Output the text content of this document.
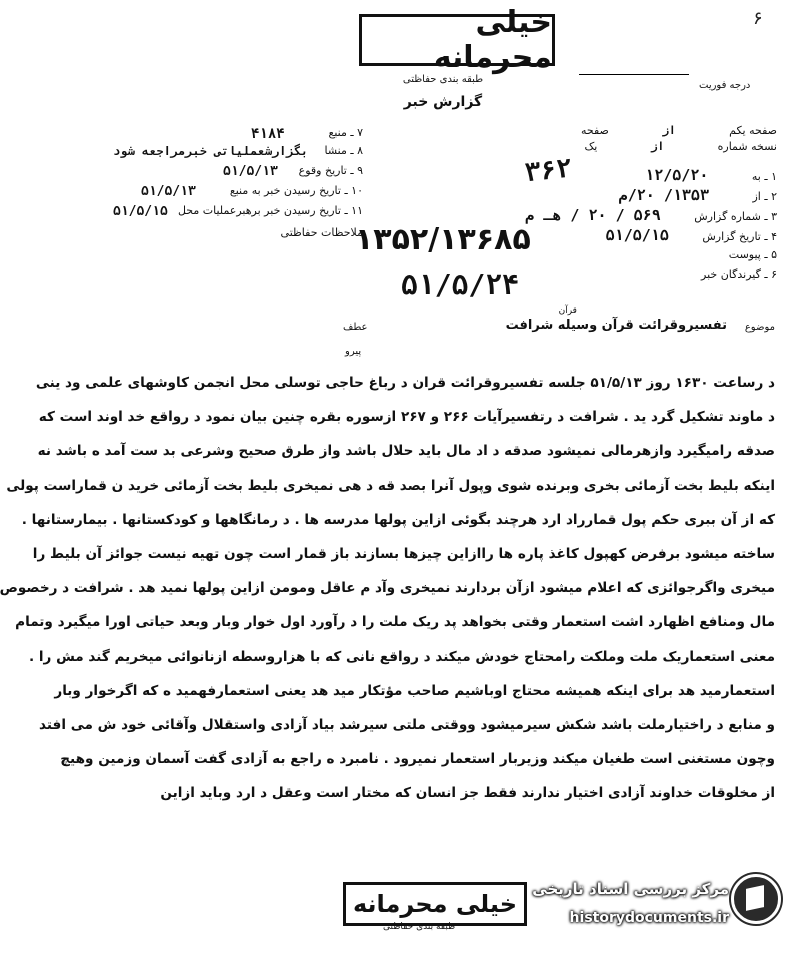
۶
خیلی محرمانه
طبقه بندی حفاظتی
گزارش خبر
درجه فوریت
صفحه یکم از صفحه
نسخه شماره از یک
۱ ـ به ۱۲/۵/۲۰
۲ ـ از ۱۳۵۳/ ۲۰/م
۳ ـ شماره گزارش ۵۶۹ / ۲۰ / هـ م
۴ ـ تاریخ گزارش ۵۱/۵/۱۵
۵ ـ پیوست
۶ ـ گیرندگان خبر
۳۶۲
۷ ـ منبع
۴۱۸۴
۸ ـ منشا
بگزارشعملیاتی خبرمراجعه شود
۹ ـ تاریخ وقوع
۵۱/۵/۱۳
۱۰ ـ تاریخ رسیدن خبر به منبع
۵۱/۵/۱۳
۱۱ ـ تاریخ رسیدن خبر برهبرعملیات محل
۵۱/۵/۱۵
ملاحظات حفاظتی
۱۳۵۲/۱۳۶۸۵
۵۱/۵/۲۴
عطف
پیرو
موضوع
قرآن
تفسیروقرائت قرآن وسیله شرافت
د رساعت ۱۶۳۰ روز ۵۱/۵/۱۳ جلسه تفسیروقرائت قران د رباغ حاجی توسلی محل انجمن کاوشهای علمی ود ینی
د ماوند تشکیل گرد ید . شرافت د رتفسیرآیات ۲۶۶ و ۲۶۷ ازسوره بقره چنین بیان نمود د رواقع خد اوند است که
صدقه رامیگیرد وازهرمالی نمیشود صدقه د اد مال باید حلال باشد واز طرق صحیح وشرعی بد ست آمد ه باشد نه
اینکه بلیط بخت آزمائی بخری وبرنده شوی وپول آنرا بصد قه د هی نمیخری بلیط بخت آزمائی خرید ن قماراست پولی
که از آن ببری حکم پول قمارراد ارد هرچند بگوئی ازاین پولها مدرسه ها . د رمانگاهها و کودکستانها . بیمارستانها .
ساخته میشود برفرض کهپول کاغذ پاره ها راازاین چیزها بسازند باز قمار است چون تهیه نیست جوائز آن بلیط را
میخری واگرجوائزی که اعلام میشود ازآن بردارند نمیخری وآد م عاقل ومومن ازاین پولها نمید هد . شرافت د رخصوص
مال ومنافع اظهارد اشت استعمار وقتی بخواهد پد ریک ملت را د رآورد اول خوار وبار وبعد حیاتی اورا میگیرد وتمام
معنی استعماریک ملت وملکت رامحتاج خودش میکند د رواقع نانی که با هزاروسطه ازنانوائی میخریم گند مش را .
استعمارمید هد برای اینکه همیشه محتاج اوباشیم صاحب مؤتکار مید هد یعنی استعمارفهمید ه که اگرخوار وبار
و منابع د راختیارملت باشد شکش سیرمیشود ووقتی ملتی سیرشد بیاد آزادی واستقلال وآقائی خود ش می افتد
وچون مستغنی است طغیان میکند وزیربار استعمار نمیرود . نامبرد ه راجع به آزادی گفت آسمان وزمین وهیچ
از مخلوقات خداوند آزادی اختیار ندارند فقط جز انسان که مختار است وعقل د ارد وباید ازاین
خیلی محرمانه
طبقه بندی حفاظتی
مرکز بررسی اسناد تاریخی
historydocuments.ir
